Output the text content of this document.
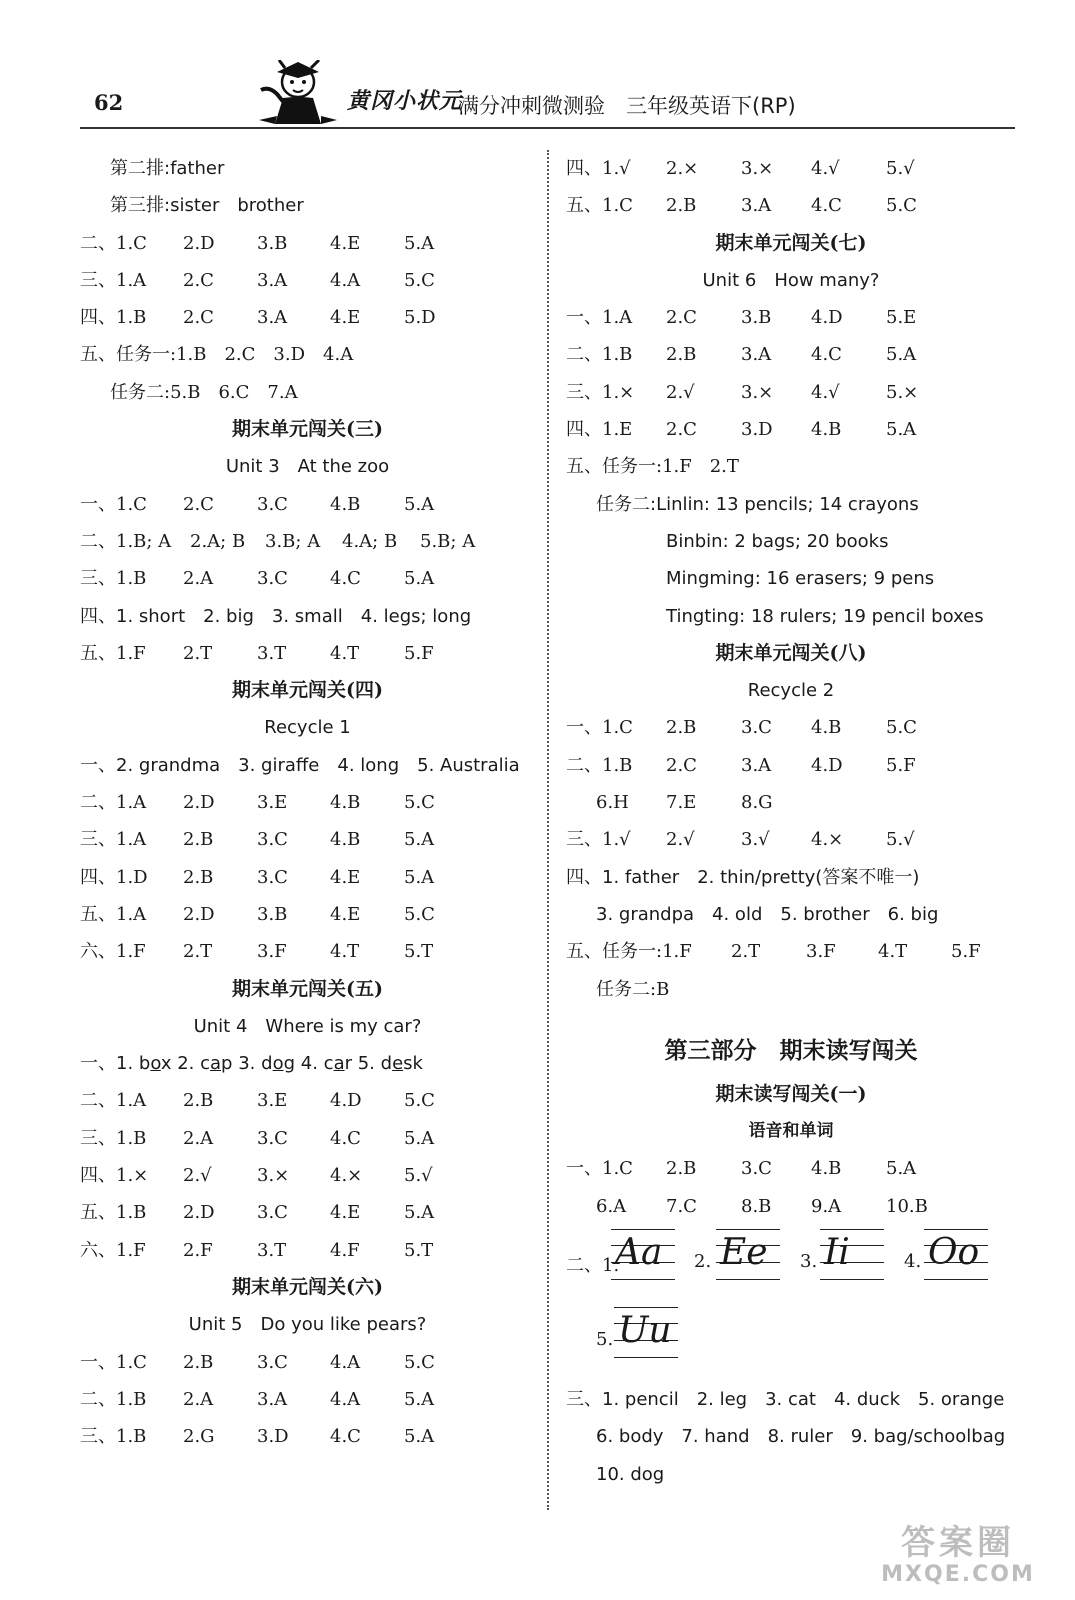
62	黄冈小状元
满分冲刺微测验　三年级英语下(RP)
第二排:father
第三排:sister　brother
二、1.C 2.D 3.B 4.E 5.A
三、1.A 2.C 3.A 4.A 5.C
四、1.B 2.C 3.A 4.E 5.D
五、任务一:1.B　2.C　3.D　4.A
任务二:5.B　6.C　7.A
期末单元闯关(三)
Unit 3　At the zoo
一、1.C 2.C 3.C 4.B 5.A
二、1.B; A 2.A; B 3.B; A 4.A; B 5.B; A
三、1.B 2.A 3.C 4.C 5.A
四、1. short　2. big　3. small　4. legs; long
五、1.F 2.T 3.T 4.T 5.F
期末单元闯关(四)
Recycle 1
一、2. grandma　3. giraffe　4. long　5. Australia
二、1.A 2.D 3.E 4.B 5.C
三、1.A 2.B 3.C 4.B 5.A
四、1.D 2.B 3.C 4.E 5.A
五、1.A 2.D 3.B 4.E 5.C
六、1.F 2.T 3.F 4.T 5.T
期末单元闯关(五)
Unit 4　Where is my car?
一、1. box 2. cap 3. dog 4. car 5. desk
二、1.A 2.B 3.E 4.D 5.C
三、1.B 2.A 3.C 4.C 5.A
四、1.× 2.√	3.× 4.× 5.√
五、1.B 2.D 3.C 4.E 5.A
六、1.F 2.F 3.T 4.F 5.T
期末单元闯关(六)
Unit 5　Do you like pears?
一、1.C 2.B 3.C 4.A 5.C
二、1.B 2.A 3.A 4.A 5.A
三、1.B 2.G 3.D 4.C 5.A
四、1.√ 2.× 3.× 4.√	5.√
五、1.C 2.B 3.A 4.C 5.C
期末单元闯关(七)
Unit 6　How many?
一、1.A 2.C 3.B 4.D 5.E
二、1.B 2.B 3.A 4.C 5.A
三、1.× 2.√	3.× 4.√	5.×
四、1.E 2.C 3.D 4.B 5.A
五、任务一:1.F　2.T
任务二:Linlin: 13 pencils; 14 crayons
Binbin: 2 bags; 20 books
Mingming: 16 erasers; 9 pens
Tingting: 18 rulers; 19 pencil boxes
期末单元闯关(八)
Recycle 2
一、1.C 2.B 3.C 4.B 5.C
二、1.B 2.C 3.A 4.D 5.F
6.H 7.E 8.G
三、1.√ 2.√	3.√ 4.× 5.√
四、1. father　2. thin/pretty(答案不唯一)
3. grandpa　4. old　5. brother　6. big
五、任务一:1.F 2.T	3.F 4.T 5.F
任务二:B
第三部分　期末读写闯关
期末读写闯关(一)
语音和单词
一、1.C 2.B 3.C 4.B 5.A
6.A 7.C 8.B 9.A 10.B
二、1.
Aa 2. Ee 3. Ii	4. Oo
5. Uu
三、1. pencil　2. leg　3. cat　4. duck　5. orange
6. body　7. hand　8. ruler　9. bag/schoolbag
10. dog
答案圈
MXQE.COM
